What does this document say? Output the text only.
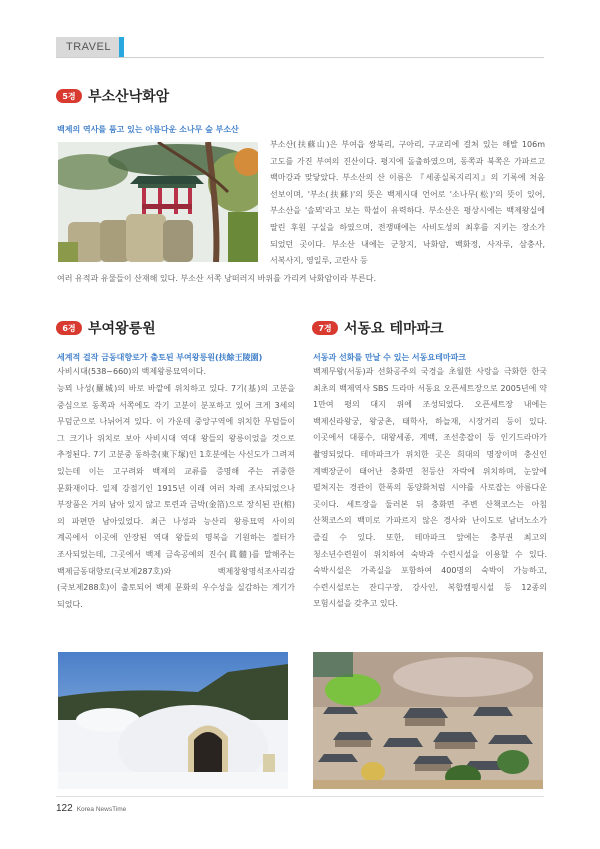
TRAVEL
5경 부소산낙화암
백제의 역사를 품고 있는 아름다운 소나무 숲 부소산
부소산(扶蘇山)은 부여읍 쌍북리, 구아리, 구교리에 걸쳐 있는 해발 106m 고도를 가진 부여의 진산이다. 평지에 돌출하였으며, 동쪽과 북쪽은 가파르고 백마강과 맞닿았다. 부소산의 산 이름은 『세종실록지리지』의 기록에 처음 선보이며, '부소(扶蘇)'의 뜻은 백제시대 언어로 '소나무(松)'의 뜻이 있어, 부소산을 '솔뫼'라고 보는 학설이 유력하다. 부소산은 평상시에는 백제왕실에 딸린 후원 구실을 하였으며, 전쟁때에는 사비도성의 최후를 지키는 장소가 되었던 곳이다. 부소산 내에는 군창지, 낙화암, 백화정, 사자루, 삼충사, 서복사지, 영일루, 고란사 등
여러 유적과 유물들이 산재해 있다. 부소산 서쪽 낭떠러지 바위를 가리켜 낙화암이라 부른다.
6경 부여왕릉원
세계적 걸작 금동대향로가 출토된 부여왕릉원(扶餘王陵園)
사비시대(538~660)의 백제왕릉묘역이다.
능뫼 나성(羅城)의 바로 바깥에 위치하고 있다. 7기(基)의 고분을 중심으로 동쪽과 서쪽에도 각기 고분이 분포하고 있어 크게 3세의 무덤군으로 나뉘어져 있다. 이 가운데 중앙구역에 위치한 무덤들이 그 크기나 위치로 보아 사비시대 역대 왕들의 왕릉이었을 것으로 추정된다. 7기 고분중 동하총(東下塚)인 1호분에는 사신도가 그려져 있는데 이는 고구려와 백제의 교류를 증명해 주는 귀중한 문화재이다. 일제 강점기인 1915년 이래 여러 차례 조사되었으나 부장품은 거의 남아 있지 않고 토련과 금박(金箔)으로 장식된 관(棺)의 파편만 남아있었다. 최근 나성과 능산리 왕릉묘역 사이의 계곡에서 이곳에 안장된 역대 왕들의 명복을 기원하는 절터가 조사되었는데, 그곳에서 백제 금속공예의 진수(眞髓)를 말해주는 백제금동대향로(국보제287호)와 백제창왕명석조사리감(국보제288호)이 출토되어 백제 문화의 우수성을 실감하는 계기가 되었다.
7경 서동요 테마파크
서동과 선화를 만날 수 있는 서동요테마파크
백제무왕(서동)과 선화공주의 국경을 초월한 사랑을 극화한 한국 최초의 백제역사 SBS 드라마 서동요 오픈세트장으로 2005년에 약 1만여 평의 대지 위에 조성되었다. 오픈세트장 내에는 백제신라왕궁, 왕궁촌, 태학사, 하늘재, 시장거리 등이 있다. 이곳에서 대풍수, 대왕세종, 계백, 조선총잡이 등 인기드라마가 촬영되었다. 테마파크가 위치한 곳은 희대의 명장이며 충신인 계백장군이 태어난 충화면 천등산 자락에 위치하며, 눈앞에 펼쳐지는 경관이 한폭의 동양화처럼 시야를 사로잡는 아름다운 곳이다. 세트장을 둘러본 뒤 충화면 주변 산책코스는 아침 산책코스의 백미로 가파르지 않은 경사와 난이도로 남녀노소가 즐길 수 있다. 또한, 테마파크 앞에는 충부권 최고의 청소년수련원이 위치하여 숙박과 수련시설을 이용할 수 있다. 숙박시설은 가족실을 포함하여 400명의 숙박이 가능하고, 수련시설로는 잔디구장, 강사인, 복합캠핑시설 등 12종의 모험시설을 갖추고 있다.
122 Korea NewsTime
